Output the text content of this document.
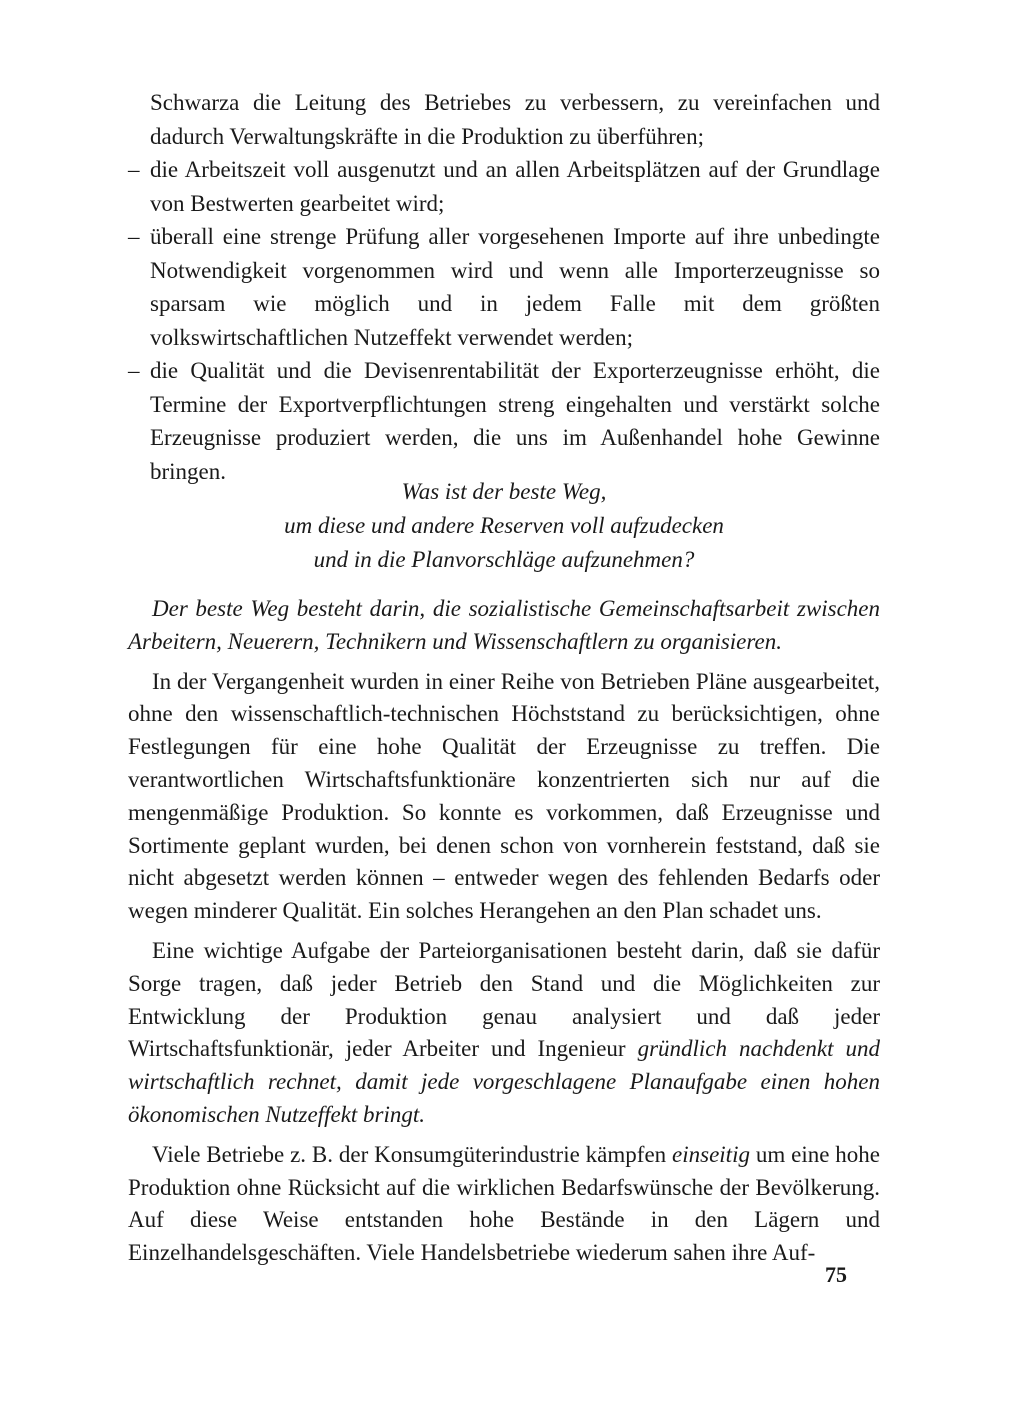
Schwarza die Leitung des Betriebes zu verbessern, zu vereinfachen und dadurch Verwaltungskräfte in die Produktion zu überführen;
– die Arbeitszeit voll ausgenutzt und an allen Arbeitsplätzen auf der Grundlage von Bestwerten gearbeitet wird;
– überall eine strenge Prüfung aller vorgesehenen Importe auf ihre unbedingte Notwendigkeit vorgenommen wird und wenn alle Importerzeugnisse so sparsam wie möglich und in jedem Falle mit dem größten volkswirtschaftlichen Nutzeffekt verwendet werden;
– die Qualität und die Devisenrentabilität der Exporterzeugnisse erhöht, die Termine der Exportverpflichtungen streng eingehalten und verstärkt solche Erzeugnisse produziert werden, die uns im Außenhandel hohe Gewinne bringen.
Was ist der beste Weg,
um diese und andere Reserven voll aufzudecken
und in die Planvorschläge aufzunehmen?

Der beste Weg besteht darin, die sozialistische Gemeinschaftsarbeit zwischen Arbeitern, Neuerern, Technikern und Wissenschaftlern zu organisieren.

In der Vergangenheit wurden in einer Reihe von Betrieben Pläne ausgearbeitet, ohne den wissenschaftlich-technischen Höchststand zu berücksichtigen, ohne Festlegungen für eine hohe Qualität der Erzeugnisse zu treffen. Die verantwortlichen Wirtschaftsfunktionäre konzentrierten sich nur auf die mengenmäßige Produktion. So konnte es vorkommen, daß Erzeugnisse und Sortimente geplant wurden, bei denen schon von vornherein feststand, daß sie nicht abgesetzt werden können – entweder wegen des fehlenden Bedarfs oder wegen minderer Qualität. Ein solches Herangehen an den Plan schadet uns.

Eine wichtige Aufgabe der Parteiorganisationen besteht darin, daß sie dafür Sorge tragen, daß jeder Betrieb den Stand und die Möglichkeiten zur Entwicklung der Produktion genau analysiert und daß jeder Wirtschaftsfunktionär, jeder Arbeiter und Ingenieur gründlich nachdenkt und wirtschaftlich rechnet, damit jede vorgeschlagene Planaufgabe einen hohen ökonomischen Nutzeffekt bringt.

Viele Betriebe z. B. der Konsumgüterindustrie kämpfen einseitig um eine hohe Produktion ohne Rücksicht auf die wirklichen Bedarfswünsche der Bevölkerung. Auf diese Weise entstanden hohe Bestände in den Lägern und Einzelhandelsgeschäften. Viele Handelsbetriebe wiederum sahen ihre Auf-

75
